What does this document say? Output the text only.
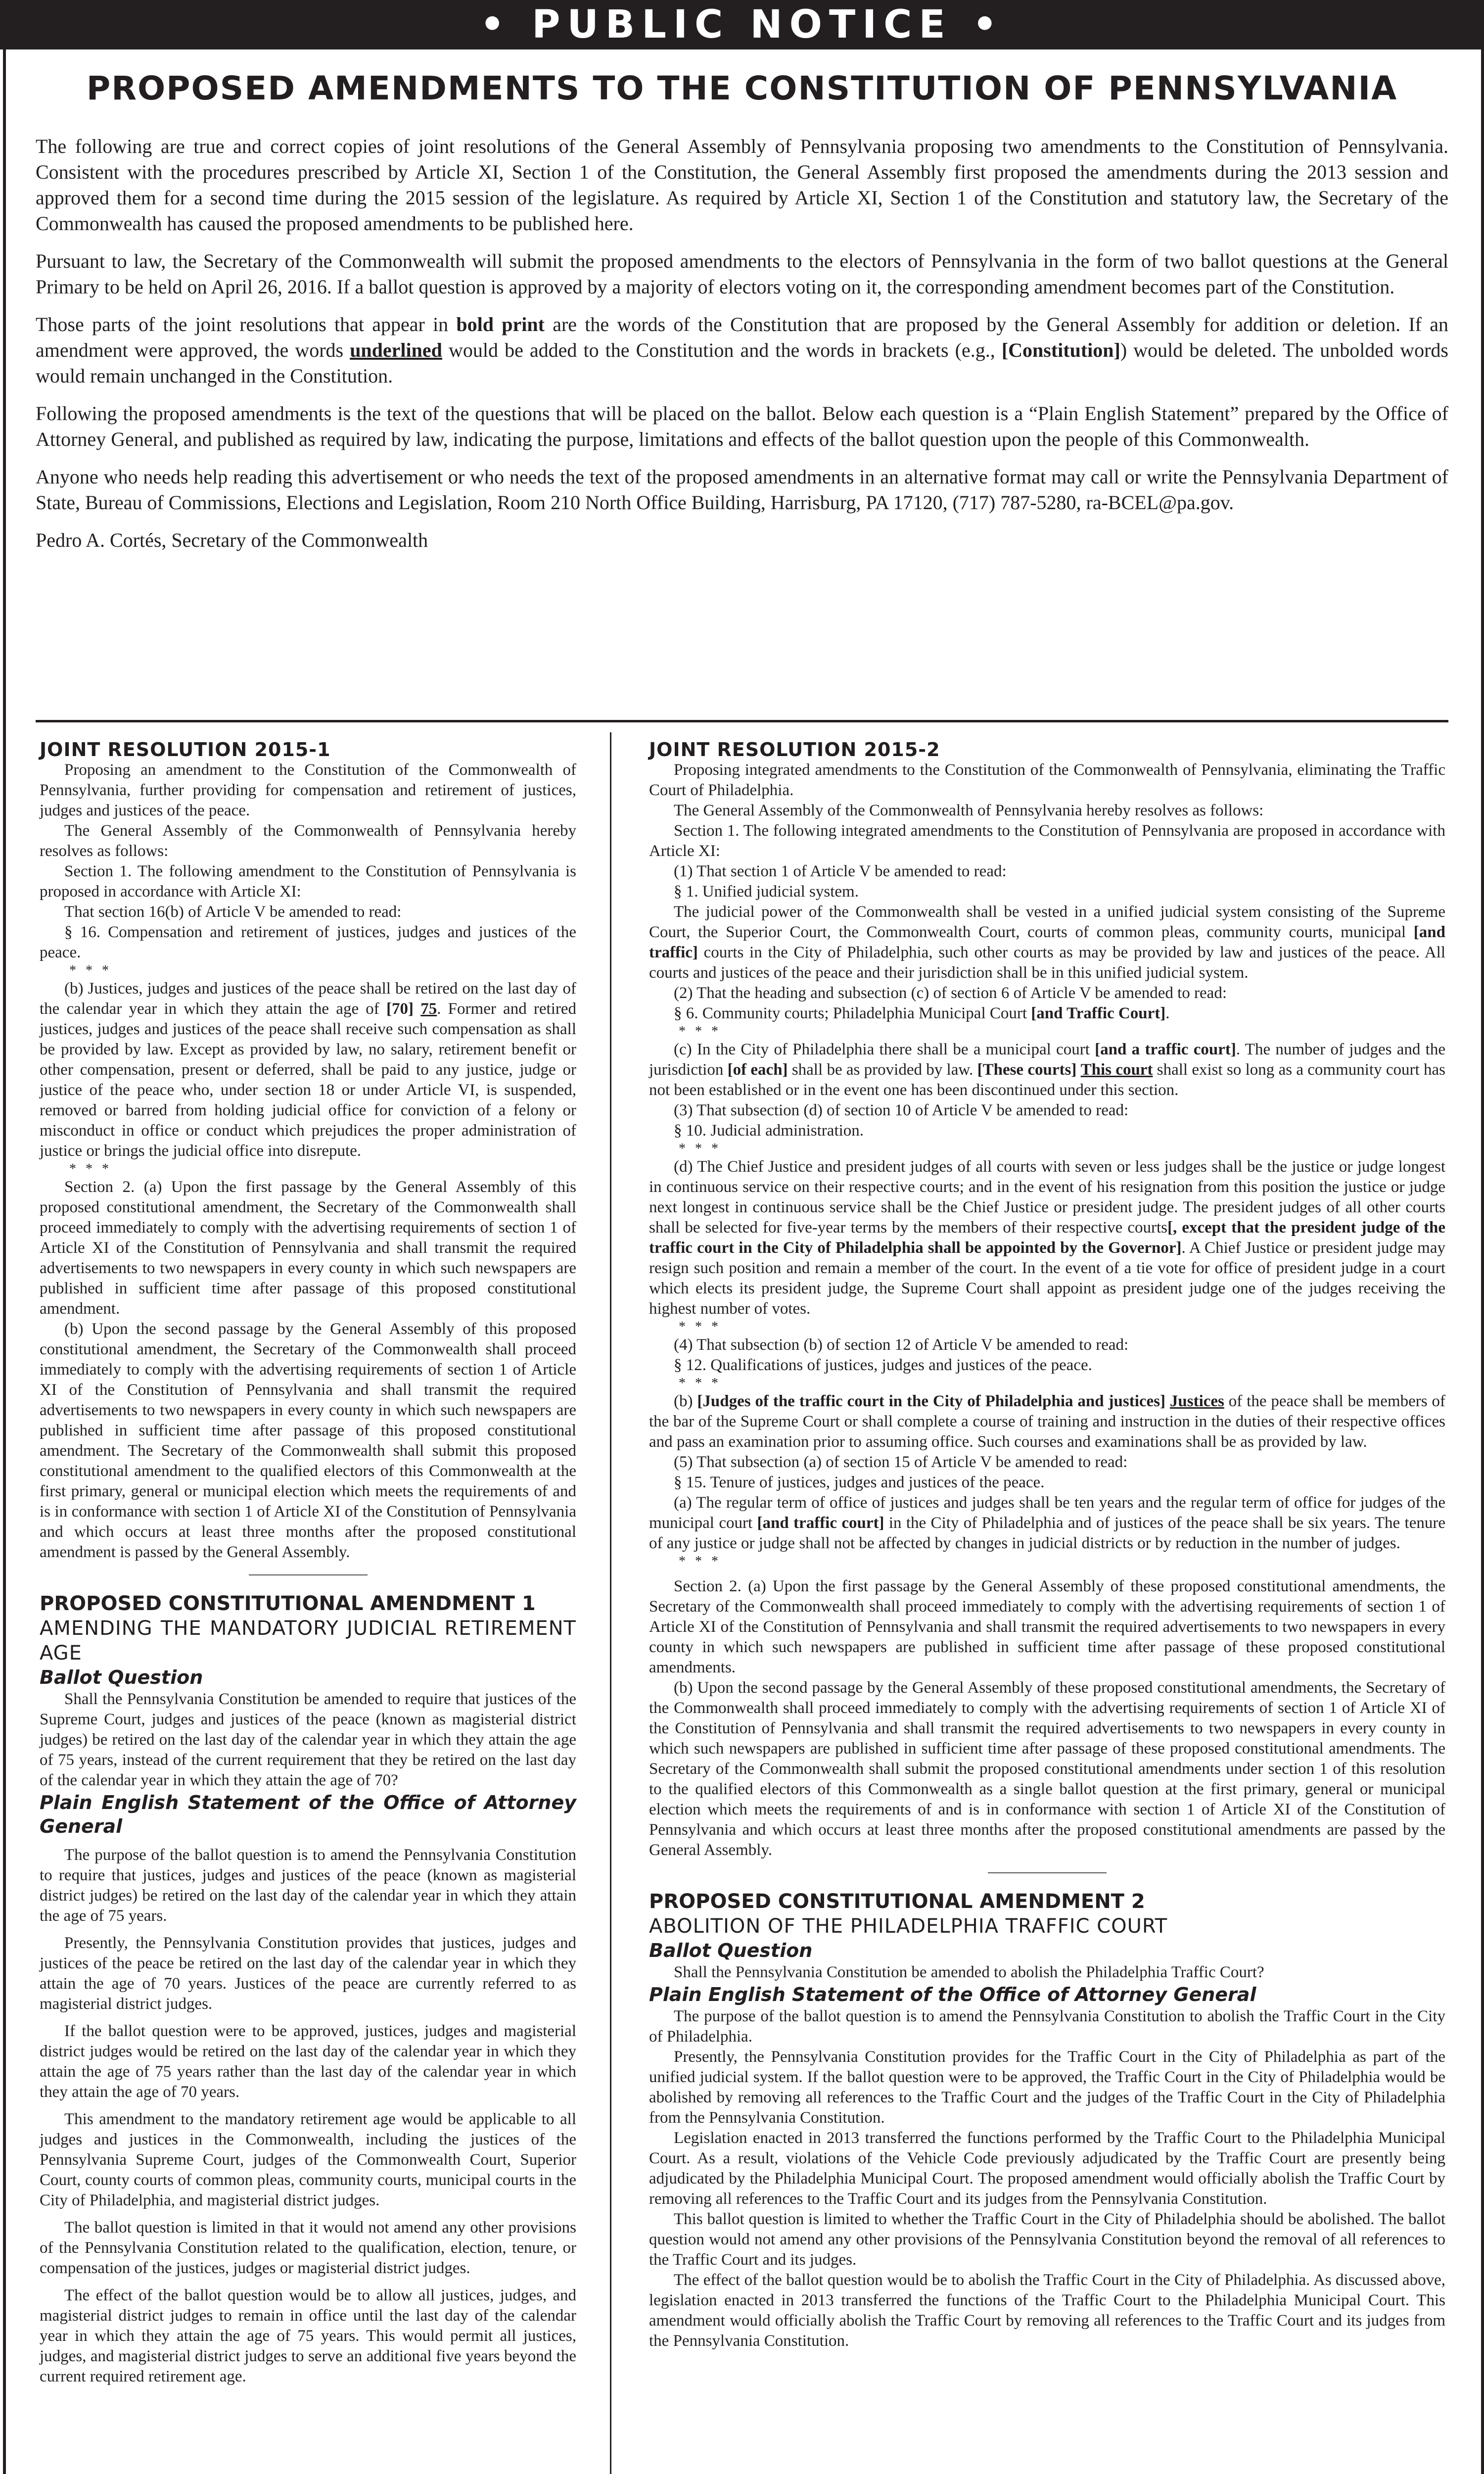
• PUBLIC NOTICE •
PROPOSED AMENDMENTS TO THE CONSTITUTION OF PENNSYLVANIA

The following are true and correct copies of joint resolutions of the General Assembly of Pennsylvania proposing two amendments to the Constitution of Pennsylvania. Consistent with the procedures prescribed by Article XI, Section 1 of the Constitution, the General Assembly first proposed the amendments during the 2013 session and approved them for a second time during the 2015 session of the legislature. As required by Article XI, Section 1 of the Constitution and statutory law, the Secretary of the Commonwealth has caused the proposed amendments to be published here.

Pursuant to law, the Secretary of the Commonwealth will submit the proposed amendments to the electors of Pennsylvania in the form of two ballot questions at the General Primary to be held on April 26, 2016. If a ballot question is approved by a majority of electors voting on it, the corresponding amendment becomes part of the Constitution.

Those parts of the joint resolutions that appear in bold print are the words of the Constitution that are proposed by the General Assembly for addition or deletion. If an amendment were approved, the words underlined would be added to the Constitution and the words in brackets (e.g., [Constitution]) would be deleted. The unbolded words would remain unchanged in the Constitution.

Following the proposed amendments is the text of the questions that will be placed on the ballot. Below each question is a “Plain English Statement” prepared by the Office of Attorney General, and published as required by law, indicating the purpose, limitations and effects of the ballot question upon the people of this Commonwealth.

Anyone who needs help reading this advertisement or who needs the text of the proposed amendments in an alternative format may call or write the Pennsylvania Department of State, Bureau of Commissions, Elections and Legislation, Room 210 North Office Building, Harrisburg, PA 17120, (717) 787-5280, ra-BCEL@pa.gov.

Pedro A. Cortés, Secretary of the Commonwealth

JOINT RESOLUTION 2015-1

Proposing an amendment to the Constitution of the Commonwealth of Pennsylvania, further providing for compensation and retirement of justices, judges and justices of the peace.

The General Assembly of the Commonwealth of Pennsylvania hereby resolves as follows:

Section 1. The following amendment to the Constitution of Pennsylvania is proposed in accordance with Article XI:

That section 16(b) of Article V be amended to read:

§ 16. Compensation and retirement of justices, judges and justices of the peace.

* * *

(b) Justices, judges and justices of the peace shall be retired on the last day of the calendar year in which they attain the age of [70] 75. Former and retired justices, judges and justices of the peace shall receive such compensation as shall be provided by law. Except as provided by law, no salary, retirement benefit or other compensation, present or deferred, shall be paid to any justice, judge or justice of the peace who, under section 18 or under Article VI, is suspended, removed or barred from holding judicial office for conviction of a felony or misconduct in office or conduct which prejudices the proper administration of justice or brings the judicial office into disrepute.

* * *

Section 2. (a) Upon the first passage by the General Assembly of this proposed constitutional amendment, the Secretary of the Commonwealth shall proceed immediately to comply with the advertising requirements of section 1 of Article XI of the Constitution of Pennsylvania and shall transmit the required advertisements to two newspapers in every county in which such newspapers are published in sufficient time after passage of this proposed constitutional amendment.

(b) Upon the second passage by the General Assembly of this proposed constitutional amendment, the Secretary of the Commonwealth shall proceed immediately to comply with the advertising requirements of section 1 of Article XI of the Constitution of Pennsylvania and shall transmit the required advertisements to two newspapers in every county in which such newspapers are published in sufficient time after passage of this proposed constitutional amendment. The Secretary of the Commonwealth shall submit this proposed constitutional amendment to the qualified electors of this Commonwealth at the first primary, general or municipal election which meets the requirements of and is in conformance with section 1 of Article XI of the Constitution of Pennsylvania and which occurs at least three months after the proposed constitutional amendment is passed by the General Assembly.

PROPOSED CONSTITUTIONAL AMENDMENT 1

AMENDING THE MANDATORY JUDICIAL RETIREMENT AGE

Ballot Question

Shall the Pennsylvania Constitution be amended to require that justices of the Supreme Court, judges and justices of the peace (known as magisterial district judges) be retired on the last day of the calendar year in which they attain the age of 75 years, instead of the current requirement that they be retired on the last day of the calendar year in which they attain the age of 70?

Plain English Statement of the Office of Attorney General

The purpose of the ballot question is to amend the Pennsylvania Constitution to require that justices, judges and justices of the peace (known as magisterial district judges) be retired on the last day of the calendar year in which they attain the age of 75 years.

Presently, the Pennsylvania Constitution provides that justices, judges and justices of the peace be retired on the last day of the calendar year in which they attain the age of 70 years. Justices of the peace are currently referred to as magisterial district judges.

If the ballot question were to be approved, justices, judges and magisterial district judges would be retired on the last day of the calendar year in which they attain the age of 75 years rather than the last day of the calendar year in which they attain the age of 70 years.

This amendment to the mandatory retirement age would be applicable to all judges and justices in the Commonwealth, including the justices of the Pennsylvania Supreme Court, judges of the Commonwealth Court, Superior Court, county courts of common pleas, community courts, municipal courts in the City of Philadelphia, and magisterial district judges.

The ballot question is limited in that it would not amend any other provisions of the Pennsylvania Constitution related to the qualification, election, tenure, or compensation of the justices, judges or magisterial district judges.

The effect of the ballot question would be to allow all justices, judges, and magisterial district judges to remain in office until the last day of the calendar year in which they attain the age of 75 years. This would permit all justices, judges, and magisterial district judges to serve an additional five years beyond the current required retirement age.

JOINT RESOLUTION 2015-2

Proposing integrated amendments to the Constitution of the Commonwealth of Pennsylvania, eliminating the Traffic Court of Philadelphia.

The General Assembly of the Commonwealth of Pennsylvania hereby resolves as follows:

Section 1. The following integrated amendments to the Constitution of Pennsylvania are proposed in accordance with Article XI:

(1) That section 1 of Article V be amended to read:

§ 1. Unified judicial system.

The judicial power of the Commonwealth shall be vested in a unified judicial system consisting of the Supreme Court, the Superior Court, the Commonwealth Court, courts of common pleas, community courts, municipal [and traffic] courts in the City of Philadelphia, such other courts as may be provided by law and justices of the peace. All courts and justices of the peace and their jurisdiction shall be in this unified judicial system.

(2) That the heading and subsection (c) of section 6 of Article V be amended to read:

§ 6. Community courts; Philadelphia Municipal Court [and Traffic Court].

* * *

(c) In the City of Philadelphia there shall be a municipal court [and a traffic court]. The number of judges and the jurisdiction [of each] shall be as provided by law. [These courts] This court shall exist so long as a community court has not been established or in the event one has been discontinued under this section.

(3) That subsection (d) of section 10 of Article V be amended to read:

§ 10. Judicial administration.

* * *

(d) The Chief Justice and president judges of all courts with seven or less judges shall be the justice or judge longest in continuous service on their respective courts; and in the event of his resignation from this position the justice or judge next longest in continuous service shall be the Chief Justice or president judge. The president judges of all other courts shall be selected for five-year terms by the members of their respective courts[, except that the president judge of the traffic court in the City of Philadelphia shall be appointed by the Governor]. A Chief Justice or president judge may resign such position and remain a member of the court. In the event of a tie vote for office of president judge in a court which elects its president judge, the Supreme Court shall appoint as president judge one of the judges receiving the highest number of votes.

* * *

(4) That subsection (b) of section 12 of Article V be amended to read:

§ 12. Qualifications of justices, judges and justices of the peace.

* * *

(b) [Judges of the traffic court in the City of Philadelphia and justices] Justices of the peace shall be members of the bar of the Supreme Court or shall complete a course of training and instruction in the duties of their respective offices and pass an examination prior to assuming office. Such courses and examinations shall be as provided by law.

(5) That subsection (a) of section 15 of Article V be amended to read:

§ 15. Tenure of justices, judges and justices of the peace.

(a) The regular term of office of justices and judges shall be ten years and the regular term of office for judges of the municipal court [and traffic court] in the City of Philadelphia and of justices of the peace shall be six years. The tenure of any justice or judge shall not be affected by changes in judicial districts or by reduction in the number of judges.

* * *

Section 2. (a) Upon the first passage by the General Assembly of these proposed constitutional amendments, the Secretary of the Commonwealth shall proceed immediately to comply with the advertising requirements of section 1 of Article XI of the Constitution of Pennsylvania and shall transmit the required advertisements to two newspapers in every county in which such newspapers are published in sufficient time after passage of these proposed constitutional amendments.

(b) Upon the second passage by the General Assembly of these proposed constitutional amendments, the Secretary of the Commonwealth shall proceed immediately to comply with the advertising requirements of section 1 of Article XI of the Constitution of Pennsylvania and shall transmit the required advertisements to two newspapers in every county in which such newspapers are published in sufficient time after passage of these proposed constitutional amendments. The Secretary of the Commonwealth shall submit the proposed constitutional amendments under section 1 of this resolution to the qualified electors of this Commonwealth as a single ballot question at the first primary, general or municipal election which meets the requirements of and is in conformance with section 1 of Article XI of the Constitution of Pennsylvania and which occurs at least three months after the proposed constitutional amendments are passed by the General Assembly.

PROPOSED CONSTITUTIONAL AMENDMENT 2

ABOLITION OF THE PHILADELPHIA TRAFFIC COURT

Ballot Question

Shall the Pennsylvania Constitution be amended to abolish the Philadelphia Traffic Court?

Plain English Statement of the Office of Attorney General

The purpose of the ballot question is to amend the Pennsylvania Constitution to abolish the Traffic Court in the City of Philadelphia.

Presently, the Pennsylvania Constitution provides for the Traffic Court in the City of Philadelphia as part of the unified judicial system. If the ballot question were to be approved, the Traffic Court in the City of Philadelphia would be abolished by removing all references to the Traffic Court and the judges of the Traffic Court in the City of Philadelphia from the Pennsylvania Constitution.

Legislation enacted in 2013 transferred the functions performed by the Traffic Court to the Philadelphia Municipal Court. As a result, violations of the Vehicle Code previously adjudicated by the Traffic Court are presently being adjudicated by the Philadelphia Municipal Court. The proposed amendment would officially abolish the Traffic Court by removing all references to the Traffic Court and its judges from the Pennsylvania Constitution.

This ballot question is limited to whether the Traffic Court in the City of Philadelphia should be abolished. The ballot question would not amend any other provisions of the Pennsylvania Constitution beyond the removal of all references to the Traffic Court and its judges.

The effect of the ballot question would be to abolish the Traffic Court in the City of Philadelphia. As discussed above, legislation enacted in 2013 transferred the functions of the Traffic Court to the Philadelphia Municipal Court. This amendment would officially abolish the Traffic Court by removing all references to the Traffic Court and its judges from the Pennsylvania Constitution.
